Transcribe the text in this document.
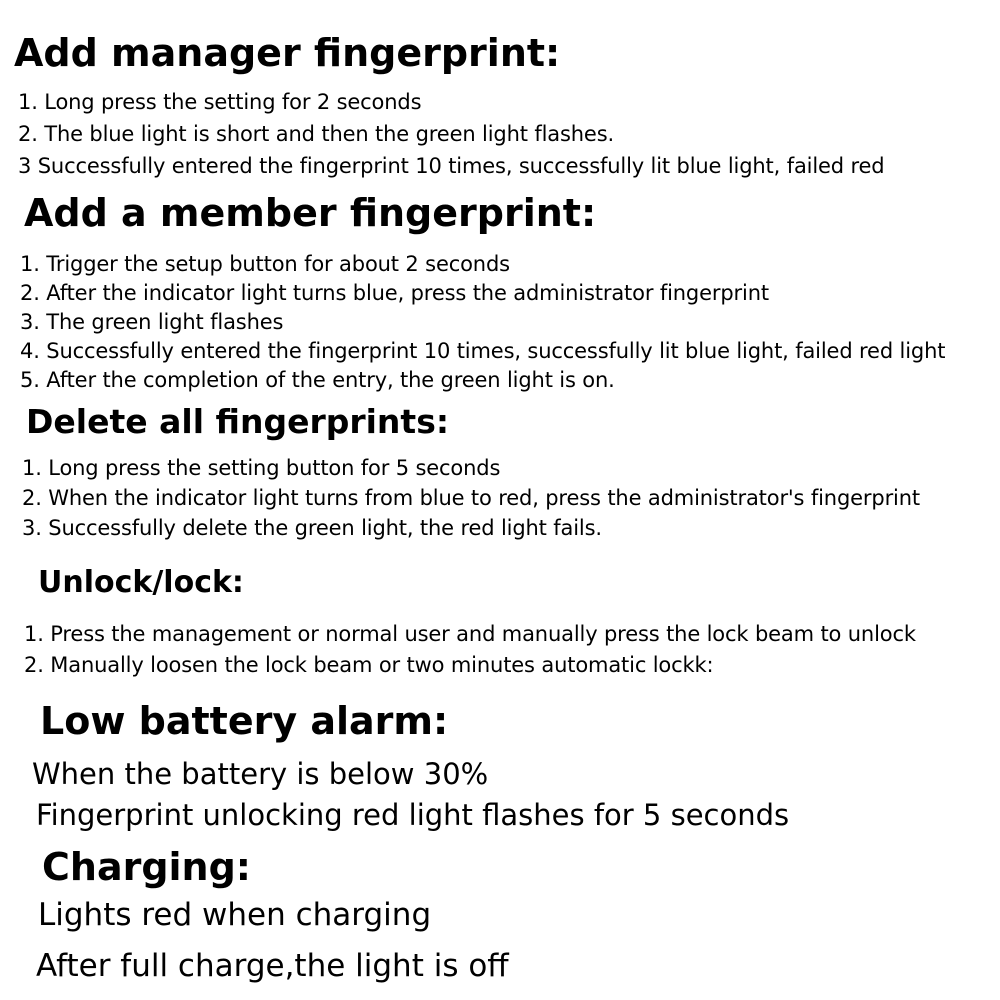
Add manager fingerprint:

1. Long press the setting for 2 seconds

2. The blue light is short and then the green light flashes.

3 Successfully entered the fingerprint 10 times, successfully lit blue light, failed red

Add a member fingerprint:

1. Trigger the setup button for about 2 seconds

2. After the indicator light turns blue, press the administrator fingerprint

3. The green light flashes

4. Successfully entered the fingerprint 10 times, successfully lit blue light, failed red light

5. After the completion of the entry, the green light is on.

Delete all fingerprints:

1. Long press the setting button for 5 seconds

2. When the indicator light turns from blue to red, press the administrator's fingerprint

3. Successfully delete the green light, the red light fails.

Unlock/lock:

1. Press the management or normal user and manually press the lock beam to unlock

2. Manually loosen the lock beam or two minutes automatic lockk:

Low battery alarm:

When the battery is below 30%

Fingerprint unlocking red light flashes for 5 seconds

Charging:

Lights red when charging

After full charge,the light is off
